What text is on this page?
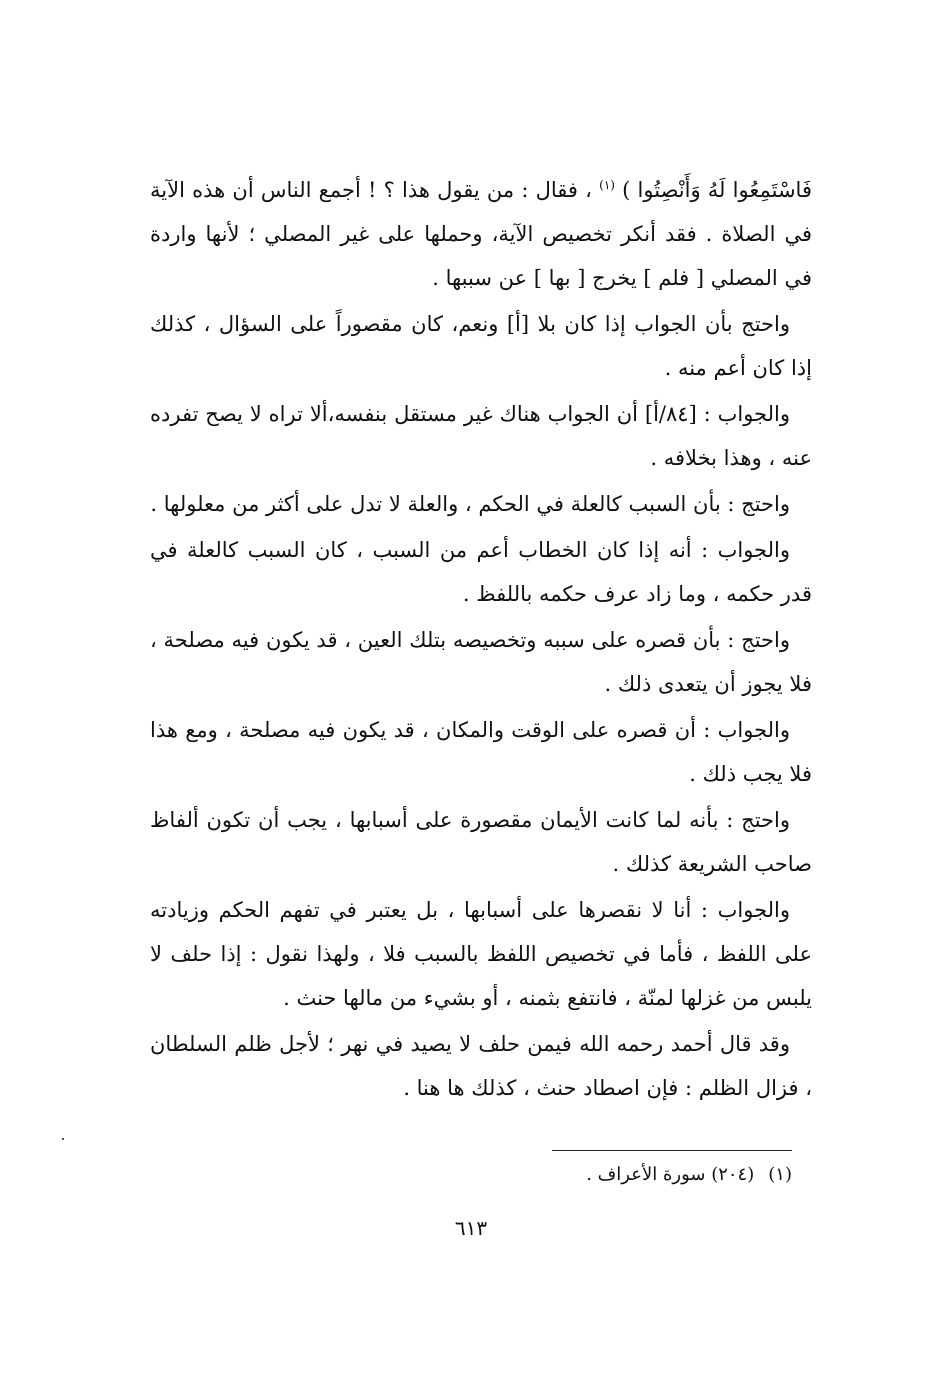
فَاسْتَمِعُوا لَهُ وَأَنْصِتُوا ) $^{(١)}$ ، فقال : من يقول هذا ؟ ! أجمع الناس أن هذه الآية في الصلاة . فقد أنكر تخصيص الآية، وحملها على غير المصلي ؛ لأنها واردة في المصلي [ فلم ] يخرج [ بها ] عن سببها .

واحتج بأن الجواب إذا كان بلا [أ] ونعم، كان مقصوراً على السؤال ، كذلك إذا كان أعم منه .

والجواب : [٨٤/أ] أن الجواب هناك غير مستقل بنفسه،ألا تراه لا يصح تفرده عنه ، وهذا بخلافه .

واحتج : بأن السبب كالعلة في الحكم ، والعلة لا تدل على أكثر من معلولها .

والجواب : أنه إذا كان الخطاب أعم من السبب ، كان السبب كالعلة في قدر حكمه ، وما زاد عرف حكمه باللفظ .

واحتج : بأن قصره على سببه وتخصيصه بتلك العين ، قد يكون فيه مصلحة ، فلا يجوز أن يتعدى ذلك .

والجواب : أن قصره على الوقت والمكان ، قد يكون فيه مصلحة ، ومع هذا فلا يجب ذلك .

واحتج : بأنه لما كانت الأيمان مقصورة على أسبابها ، يجب أن تكون ألفاظ صاحب الشريعة كذلك .

والجواب : أنا لا نقصرها على أسبابها ، بل يعتبر في تفهم الحكم وزيادته على اللفظ ، فأما في تخصيص اللفظ بالسبب فلا ، ولهذا نقول : إذا حلف لا يلبس من غزلها لمنّة ، فانتفع بثمنه ، أو بشيء من مالها حنث .

وقد قال أحمد رحمه الله فيمن حلف لا يصيد في نهر ؛ لأجل ظلم السلطان ، فزال الظلم : فإن اصطاد حنث ، كذلك ها هنا .

(١)(٢٠٤) سورة الأعراف .
٦١٣
